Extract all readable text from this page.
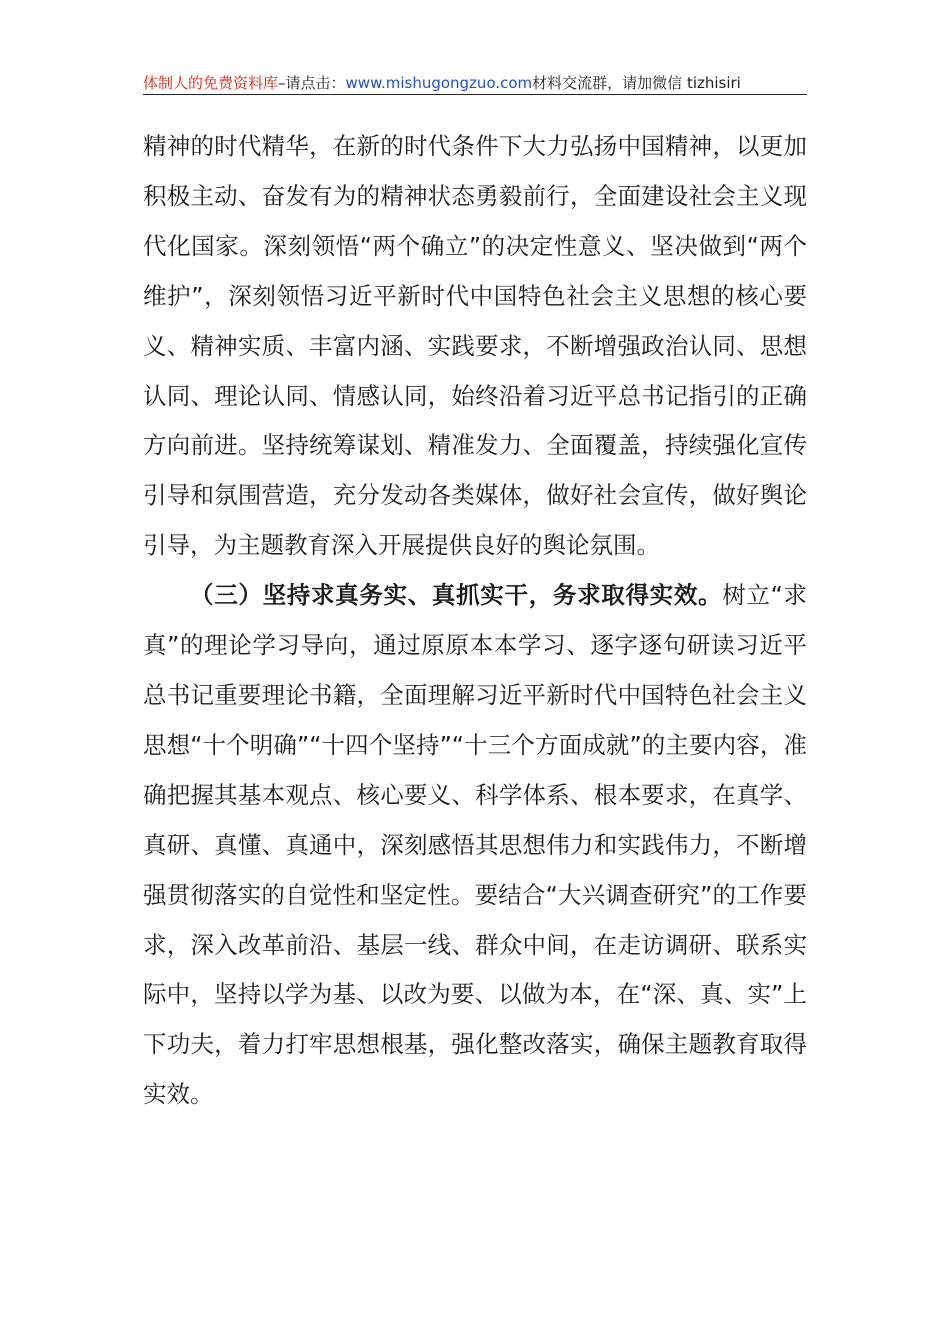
体制人的免费资料库 –请点击： www.mishugongzuo.com 材料交流群，请加微信 tizhisiri

精神的时代精华，在新的时代条件下大力弘扬中国精神，以更加积极主动、奋发有为的精神状态勇毅前行，全面建设社会主义现代化国家。深刻领悟“两个确立”的决定性意义、坚决做到“两个维护”，深刻领悟习近平新时代中国特色社会主义思想的核心要义、精神实质、丰富内涵、实践要求，不断增强政治认同、思想认同、理论认同、情感认同，始终沿着习近平总书记指引的正确方向前进。坚持统筹谋划、精准发力、全面覆盖，持续强化宣传引导和氛围营造，充分发动各类媒体，做好社会宣传，做好舆论引导，为主题教育深入开展提供良好的舆论氛围。

（三）坚持求真务实、真抓实干，务求取得实效。树立“求真”的理论学习导向，通过原原本本学习、逐字逐句研读习近平总书记重要理论书籍，全面理解习近平新时代中国特色社会主义思想“十个明确”“十四个坚持”“十三个方面成就”的主要内容，准确把握其基本观点、核心要义、科学体系、根本要求，在真学、真研、真懂、真通中，深刻感悟其思想伟力和实践伟力，不断增强贯彻落实的自觉性和坚定性。要结合“大兴调查研究”的工作要求，深入改革前沿、基层一线、群众中间，在走访调研、联系实际中，坚持以学为基、以改为要、以做为本，在“深、真、实”上下功夫，着力打牢思想根基，强化整改落实，确保主题教育取得实效。
